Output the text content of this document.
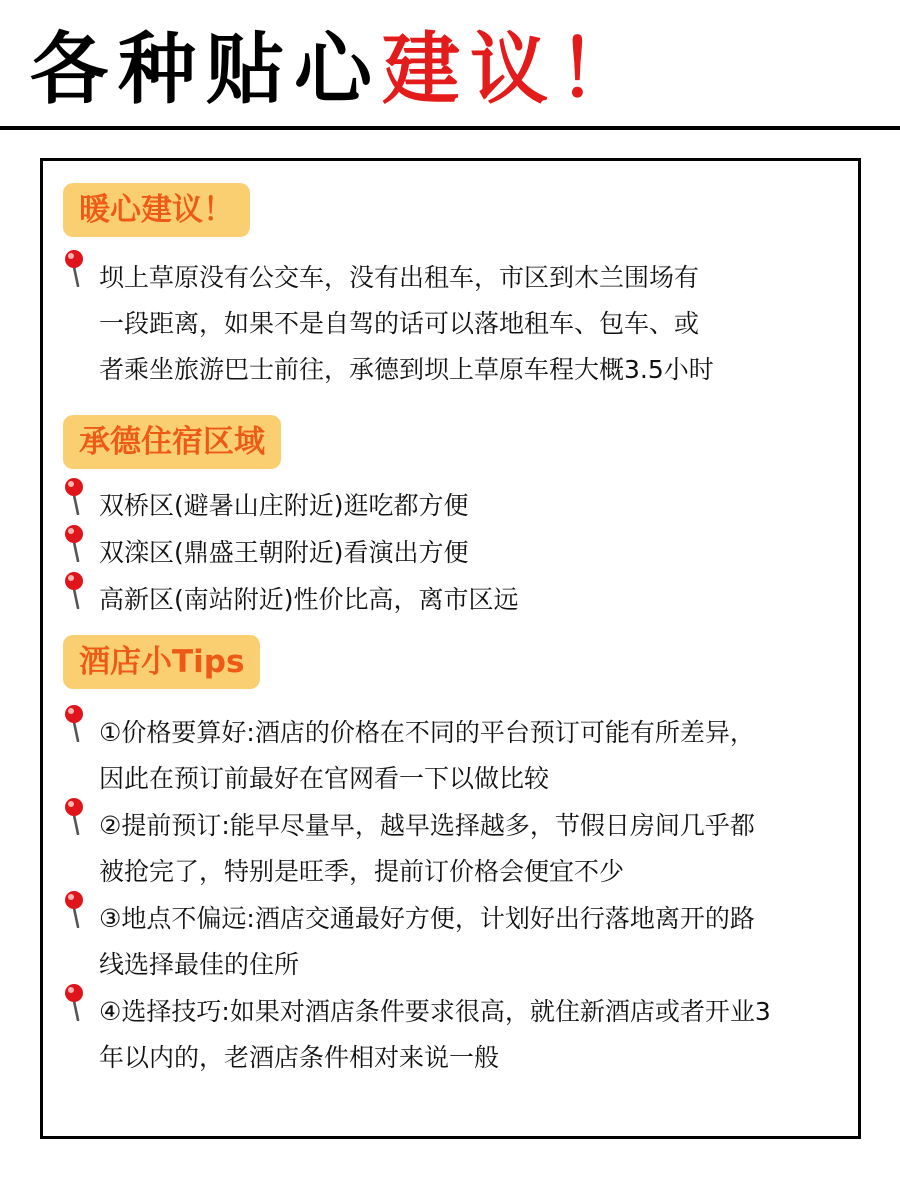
各种贴心建议！
暖心建议！
坝上草原没有公交车，没有出租车，市区到木兰围场有
一段距离，如果不是自驾的话可以落地租车、包车、或
者乘坐旅游巴士前往，承德到坝上草原车程大概3.5小时
承德住宿区域
双桥区(避暑山庄附近)逛吃都方便
双滦区(鼎盛王朝附近)看演出方便
高新区(南站附近)性价比高，离市区远
酒店小Tips
①价格要算好:酒店的价格在不同的平台预订可能有所差异，
因此在预订前最好在官网看一下以做比较
②提前预订:能早尽量早，越早选择越多，节假日房间几乎都
被抢完了，特别是旺季，提前订价格会便宜不少
③地点不偏远:酒店交通最好方便，计划好出行落地离开的路
线选择最佳的住所
④选择技巧:如果对酒店条件要求很高，就住新酒店或者开业3
年以内的，老酒店条件相对来说一般
